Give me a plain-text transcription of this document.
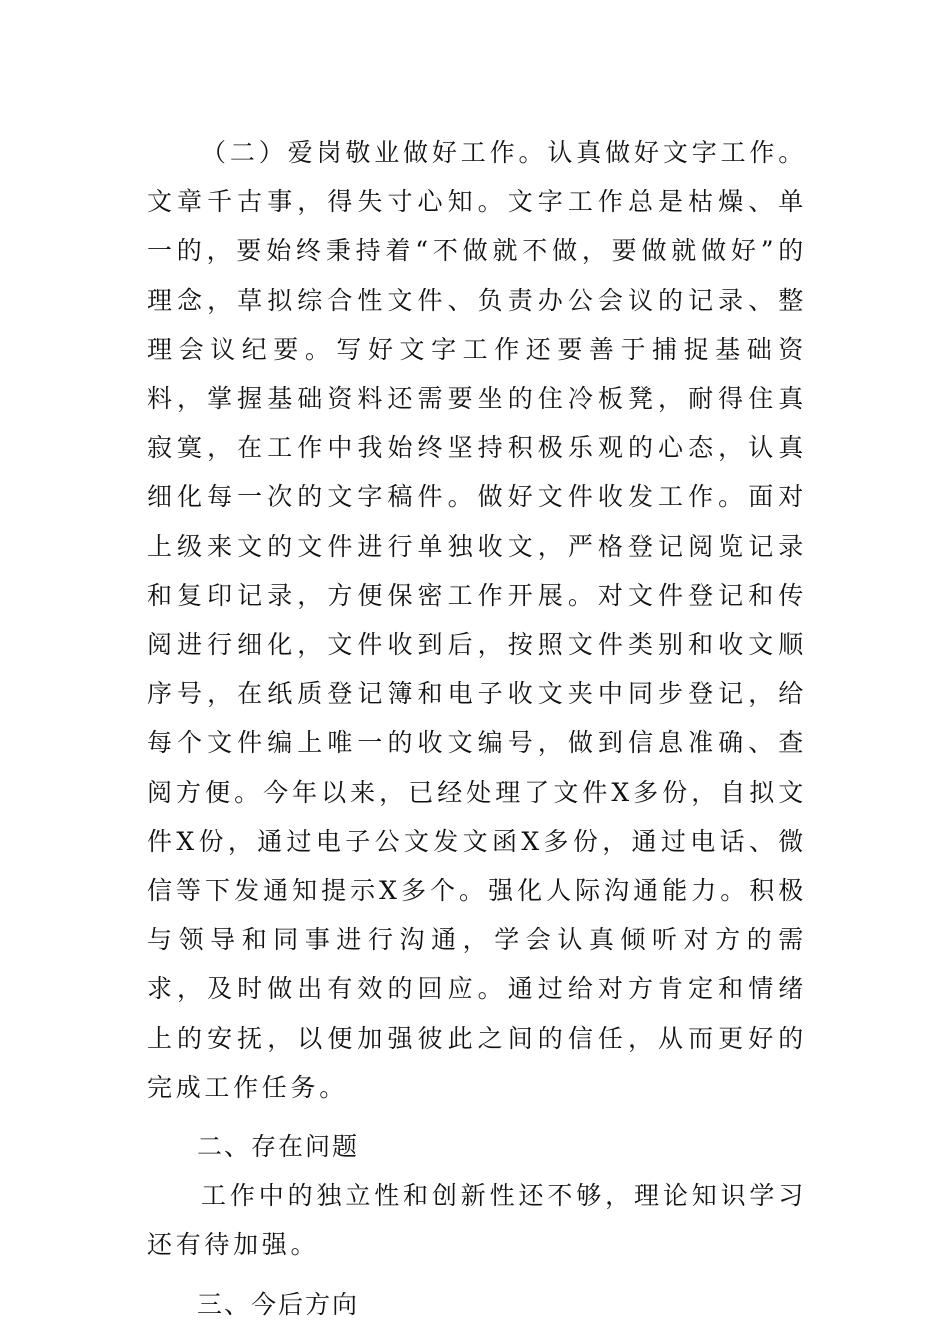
（二）爱岗敬业做好工作。认真做好文字工作。文章千古事，得失寸心知。文字工作总是枯燥、单一的，要始终秉持着“不做就不做，要做就做好”的理念，草拟综合性文件、负责办公会议的记录、整理会议纪要。写好文字工作还要善于捕捉基础资料，掌握基础资料还需要坐的住冷板凳，耐得住真寂寞，在工作中我始终坚持积极乐观的心态，认真细化每一次的文字稿件。做好文件收发工作。面对上级来文的文件进行单独收文，严格登记阅览记录和复印记录，方便保密工作开展。对文件登记和传阅进行细化，文件收到后，按照文件类别和收文顺序号，在纸质登记簿和电子收文夹中同步登记，给每个文件编上唯一的收文编号，做到信息准确、查阅方便。今年以来，已经处理了文件X多份，自拟文件X份，通过电子公文发文函X多份，通过电话、微信等下发通知提示X多个。强化人际沟通能力。积极与领导和同事进行沟通，学会认真倾听对方的需求，及时做出有效的回应。通过给对方肯定和情绪上的安抚，以便加强彼此之间的信任，从而更好的完成工作任务。

二、存在问题

工作中的独立性和创新性还不够，理论知识学习还有待加强。

三、今后方向
